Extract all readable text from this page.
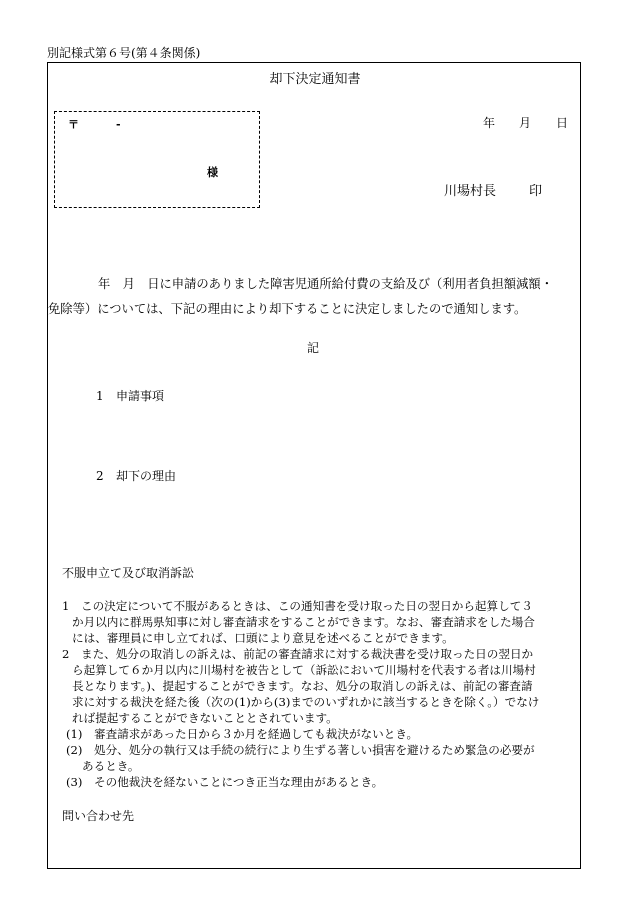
別記様式第６号(第４条関係)
却下決定通知書
〒	-
様
年 月 日
川場村長	印
年　月　日に申請のありました障害児通所給付費の支給及び（利用者負担額減額・
免除等）については、下記の理由により却下することに決定しましたので通知します。
記
1 申請事項
2 却下の理由
不服申立て及び取消訴訟
1　この決定について不服があるときは、この通知書を受け取った日の翌日から起算して３
か月以内に群馬県知事に対し審査請求をすることができます。なお、審査請求をした場合
には、審理員に申し立てれば、口頭により意見を述べることができます。
2　また、処分の取消しの訴えは、前記の審査請求に対する裁決書を受け取った日の翌日か
ら起算して６か月以内に川場村を被告として（訴訟において川場村を代表する者は川場村
長となります。)、提起することができます。なお、処分の取消しの訴えは、前記の審査請
求に対する裁決を経た後（次の(1)から(3)までのいずれかに該当するときを除く。）でなけ
れば提起することができないこととされています。
(1)　審査請求があった日から３か月を経過しても裁決がないとき。
(2)　処分、処分の執行又は手続の続行により生ずる著しい損害を避けるため緊急の必要が
あるとき。
(3)　その他裁決を経ないことにつき正当な理由があるとき。
問い合わせ先
